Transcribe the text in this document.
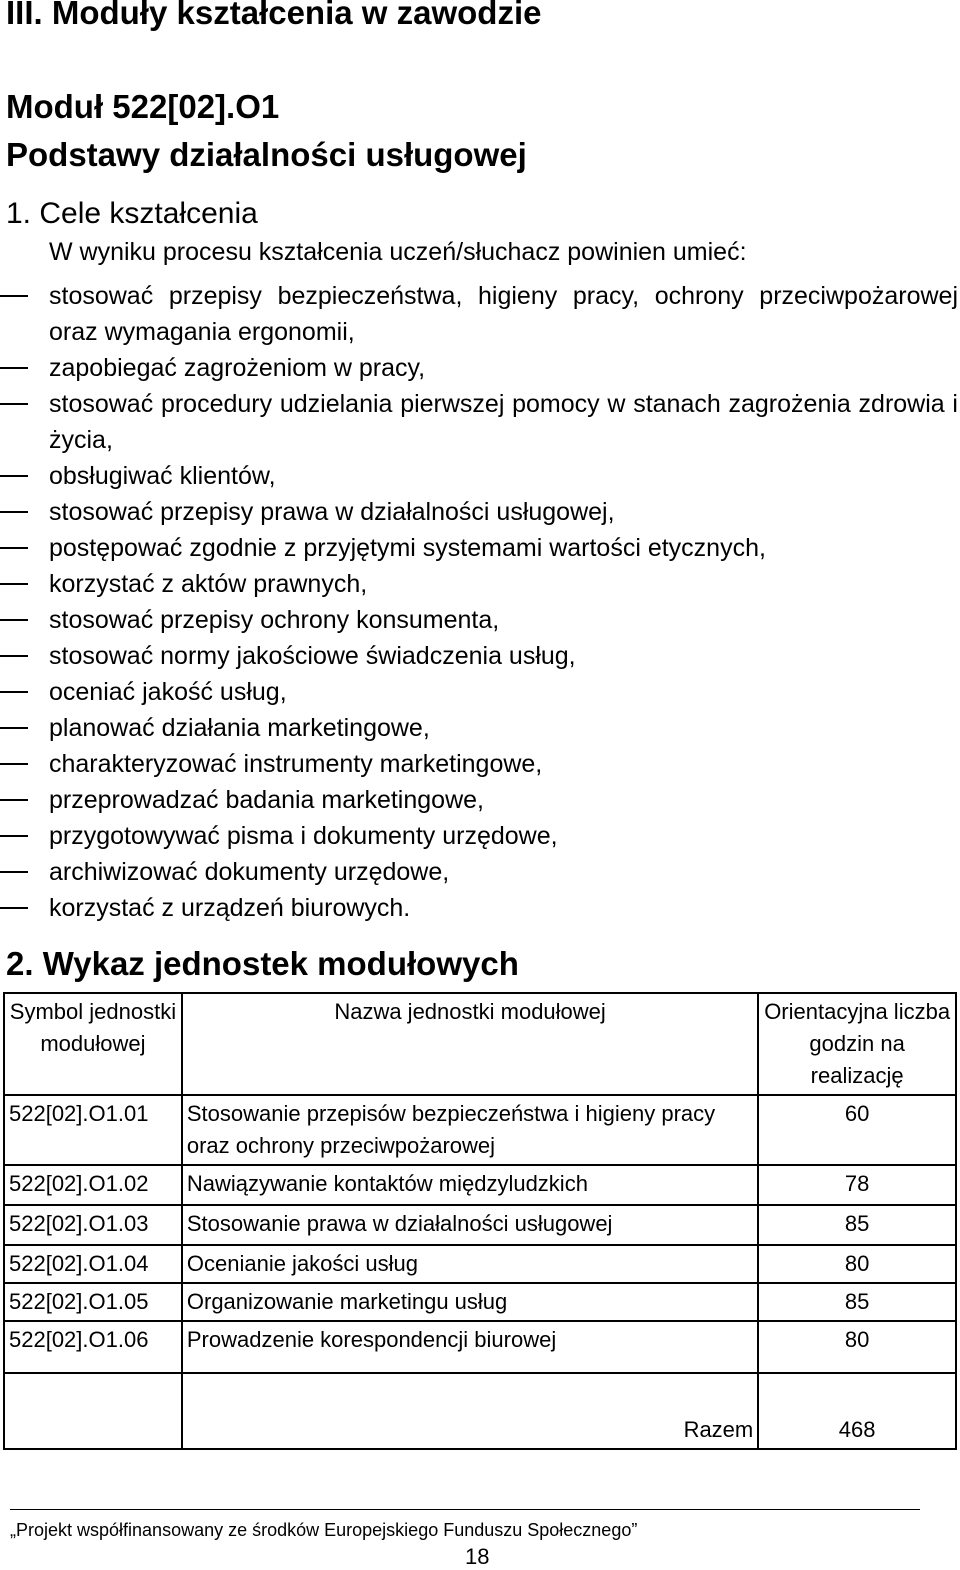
III. Moduły kształcenia w zawodzie
Moduł 522[02].O1
Podstawy działalności usługowej
1. Cele kształcenia
W wyniku procesu kształcenia uczeń/słuchacz powinien umieć:
stosować przepisy bezpieczeństwa, higieny pracy, ochrony przeciwpożarowej oraz wymagania ergonomii,
zapobiegać zagrożeniom w pracy,
stosować procedury udzielania pierwszej pomocy w stanach zagrożenia zdrowia i życia,
obsługiwać klientów,
stosować przepisy prawa w działalności usługowej,
postępować zgodnie z przyjętymi systemami wartości etycznych,
korzystać z aktów prawnych,
stosować przepisy ochrony konsumenta,
stosować normy jakościowe świadczenia usług,
oceniać jakość usług,
planować działania marketingowe,
charakteryzować instrumenty marketingowe,
przeprowadzać badania marketingowe,
przygotowywać pisma i dokumenty urzędowe,
archiwizować dokumenty urzędowe,
korzystać z urządzeń biurowych.
2. Wykaz jednostek modułowych
Symbol jednostki modułowej	Nazwa jednostki modułowej	Orientacyjna liczba godzin na realizację
522[02].O1.01	Stosowanie przepisów bezpieczeństwa i higieny pracy oraz ochrony przeciwpożarowej	60
522[02].O1.02	Nawiązywanie kontaktów międzyludzkich	78
522[02].O1.03	Stosowanie prawa w działalności usługowej	85
522[02].O1.04	Ocenianie jakości usług	80
522[02].O1.05	Organizowanie marketingu usług	85
522[02].O1.06	Prowadzenie korespondencji biurowej	80
	Razem	468
„Projekt współfinansowany ze środków Europejskiego Funduszu Społecznego”
18
